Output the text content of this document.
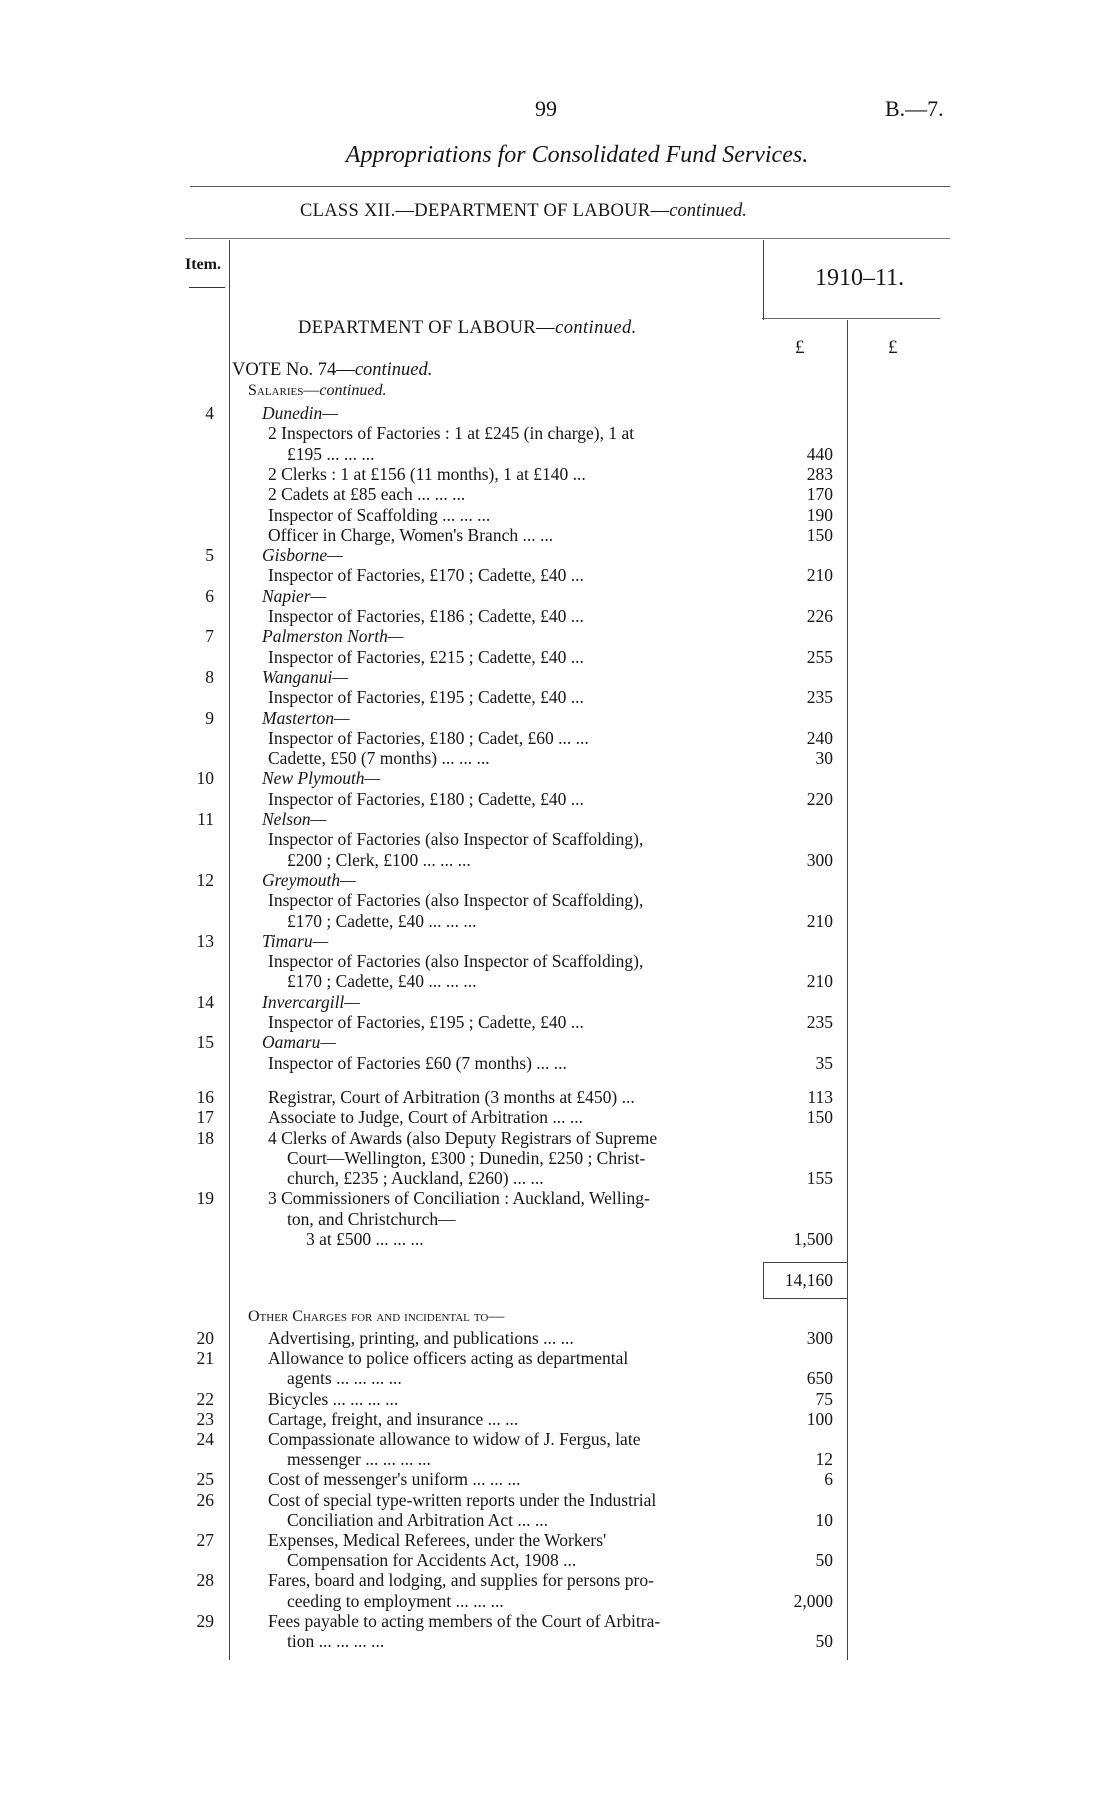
99	B.—7.
Appropriations for Consolidated Fund Services.
CLASS XII.—DEPARTMENT OF LABOUR—continued.
Item.
1910–11.
£	£
DEPARTMENT OF LABOUR—continued.
VOTE No. 74—continued.
Salaries—continued.
4	Dunedin—
2 Inspectors of Factories : 1 at £245 (in charge), 1 at
£195 ... ... ...	440
2 Clerks : 1 at £156 (11 months), 1 at £140 ...	283
2 Cadets at £85 each ... ... ...	170
Inspector of Scaffolding ... ... ...	190
Officer in Charge, Women's Branch ... ...	150
5	Gisborne—
Inspector of Factories, £170 ; Cadette, £40 ...	210
6	Napier—
Inspector of Factories, £186 ; Cadette, £40 ...	226
7	Palmerston North—
Inspector of Factories, £215 ; Cadette, £40 ...	255
8	Wanganui—
Inspector of Factories, £195 ; Cadette, £40 ...	235
9	Masterton—
Inspector of Factories, £180 ; Cadet, £60 ... ...	240
Cadette, £50 (7 months) ... ... ...	30
10	New Plymouth—
Inspector of Factories, £180 ; Cadette, £40 ...	220
11	Nelson—
Inspector of Factories (also Inspector of Scaffolding),
£200 ; Clerk, £100 ... ... ...	300
12	Greymouth—
Inspector of Factories (also Inspector of Scaffolding),
£170 ; Cadette, £40 ... ... ...	210
13	Timaru—
Inspector of Factories (also Inspector of Scaffolding),
£170 ; Cadette, £40 ... ... ...	210
14	Invercargill—
Inspector of Factories, £195 ; Cadette, £40 ...	235
15	Oamaru—
Inspector of Factories £60 (7 months) ... ...	35
16	Registrar, Court of Arbitration (3 months at £450) ...	113
17	Associate to Judge, Court of Arbitration ... ...	150
18	4 Clerks of Awards (also Deputy Registrars of Supreme
Court—Wellington, £300 ; Dunedin, £250 ; Christ-
church, £235 ; Auckland, £260) ... ...	155
19	3 Commissioners of Conciliation : Auckland, Welling-
ton, and Christchurch—
3 at £500 ... ... ...	1,500
14,160
Other Charges for and incidental to—
20	Advertising, printing, and publications ... ...	300
21	Allowance to police officers acting as departmental
agents ... ... ... ...	650
22	Bicycles ... ... ... ...	75
23	Cartage, freight, and insurance ... ...	100
24	Compassionate allowance to widow of J. Fergus, late
messenger ... ... ... ...	12
25	Cost of messenger's uniform ... ... ...	6
26	Cost of special type-written reports under the Industrial
Conciliation and Arbitration Act ... ...	10
27	Expenses, Medical Referees, under the Workers'
Compensation for Accidents Act, 1908 ...	50
28	Fares, board and lodging, and supplies for persons pro-
ceeding to employment ... ... ...	2,000
29	Fees payable to acting members of the Court of Arbitra-
tion ... ... ... ...	50
